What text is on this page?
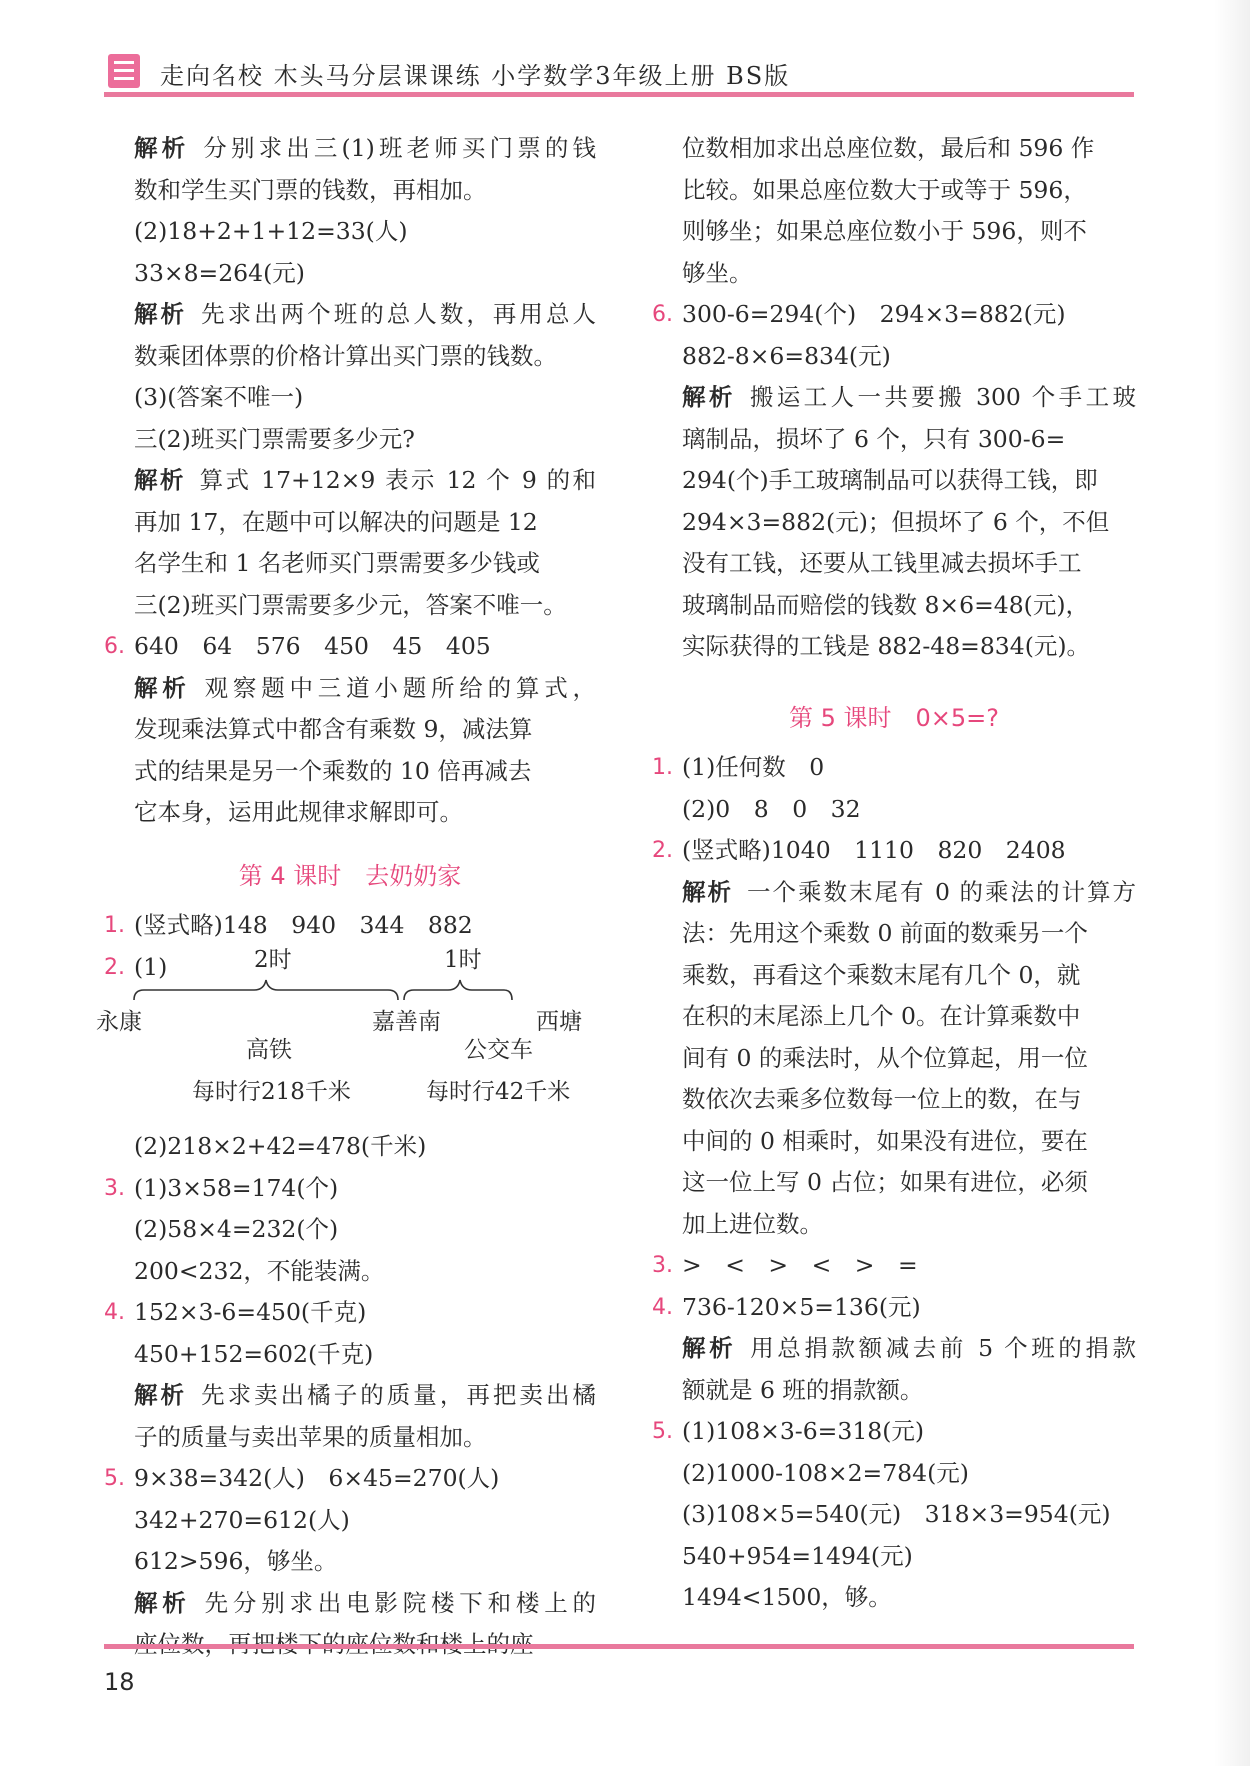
走向名校 木头马分层课课练 小学数学3年级上册 BS版
解析 分别求出三(1)班老师买门票的钱
数和学生买门票的钱数，再相加。
(2)18+2+1+12=33(人)
33×8=264(元)
解析 先求出两个班的总人数，再用总人
数乘团体票的价格计算出买门票的钱数。
(3)(答案不唯一)
三(2)班买门票需要多少元?
解析 算式 17+12×9 表示 12 个 9 的和
再加 17，在题中可以解决的问题是 12
名学生和 1 名老师买门票需要多少钱或
三(2)班买门票需要多少元，答案不唯一。
6. 640　64　576　450　45　405
解析 观察题中三道小题所给的算式，
发现乘法算式中都含有乘数 9，减法算
式的结果是另一个乘数的 10 倍再减去
它本身，运用此规律求解即可。
第 4 课时　去奶奶家
1. (竖式略)148　940　344　882
2. (1)	2时	1时
永康	嘉善南	西塘
高铁	公交车
每时行218千米	每时行42千米
(2)218×2+42=478(千米)
3. (1)3×58=174(个)
(2)58×4=232(个)
200<232，不能装满。
4. 152×3-6=450(千克)
450+152=602(千克)
解析 先求卖出橘子的质量，再把卖出橘
子的质量与卖出苹果的质量相加。
5. 9×38=342(人)　6×45=270(人)
342+270=612(人)
612>596，够坐。
解析 先分别求出电影院楼下和楼上的
位数相加求出总座位数，最后和 596 作
比较。如果总座位数大于或等于 596，
则够坐；如果总座位数小于 596，则不
够坐。
6. 300-6=294(个)　294×3=882(元)
882-8×6=834(元)
解析 搬运工人一共要搬 300 个手工玻
璃制品，损坏了 6 个，只有 300-6=
294(个)手工玻璃制品可以获得工钱，即
294×3=882(元)；但损坏了 6 个，不但
没有工钱，还要从工钱里减去损坏手工
玻璃制品而赔偿的钱数 8×6=48(元)，
实际获得的工钱是 882-48=834(元)。
第 5 课时　0×5=?
1. (1)任何数　0
(2)0　8　0　32
2. (竖式略)1040　1110　820　2408
解析 一个乘数末尾有 0 的乘法的计算方
法：先用这个乘数 0 前面的数乘另一个
乘数，再看这个乘数末尾有几个 0，就
在积的末尾添上几个 0。在计算乘数中
间有 0 的乘法时，从个位算起，用一位
数依次去乘多位数每一位上的数，在与
中间的 0 相乘时，如果没有进位，要在
这一位上写 0 占位；如果有进位，必须
加上进位数。
3. >　<　>　<　>　=
4. 736-120×5=136(元)
解析 用总捐款额减去前 5 个班的捐款
额就是 6 班的捐款额。
5. (1)108×3-6=318(元)
(2)1000-108×2=784(元)
(3)108×5=540(元)　318×3=954(元)
540+954=1494(元)
1494<1500，够。
18
